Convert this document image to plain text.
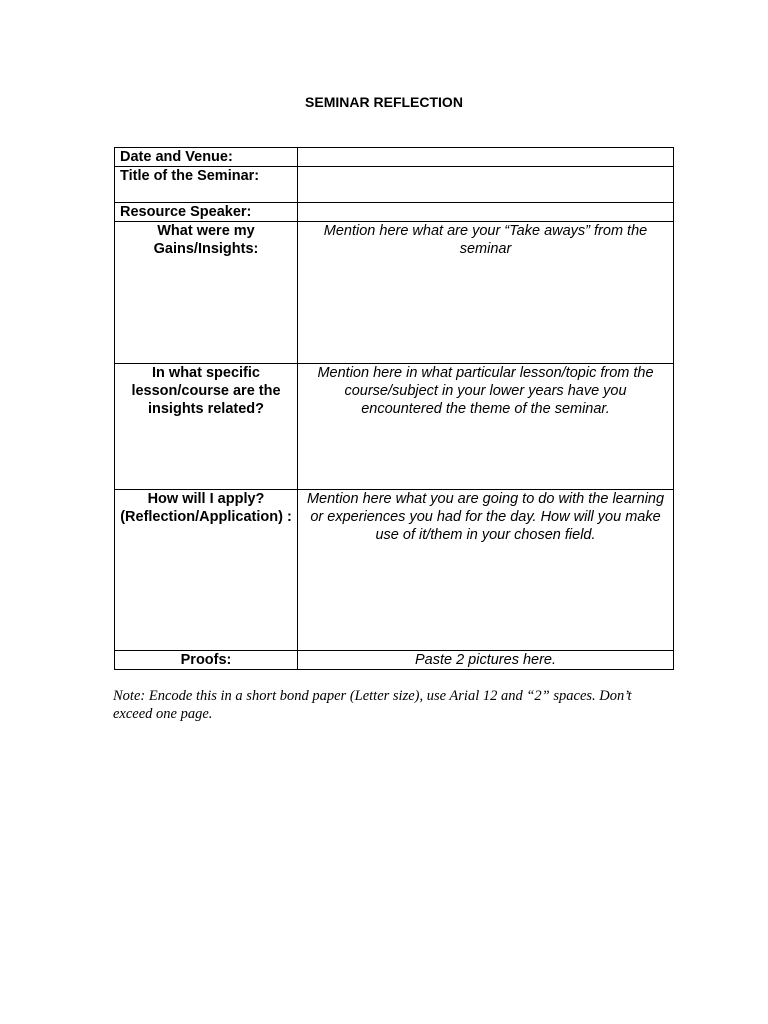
SEMINAR REFLECTION
Date and Venue:	
Title of the Seminar:	
Resource Speaker:	
What were my Gains/Insights:	Mention here what are your “Take aways” from the seminar
In what specific lesson/course are the insights related?	Mention here in what particular lesson/topic from the course/subject in your lower years have you encountered the theme of the seminar.
How will I apply? (Reflection/Application) :	Mention here what you are going to do with the learning or experiences you had for the day. How will you make use of it/them in your chosen field.
Proofs:	Paste 2 pictures here.
Note: Encode this in a short bond paper (Letter size), use Arial 12 and “2” spaces. Don’t exceed one page.
